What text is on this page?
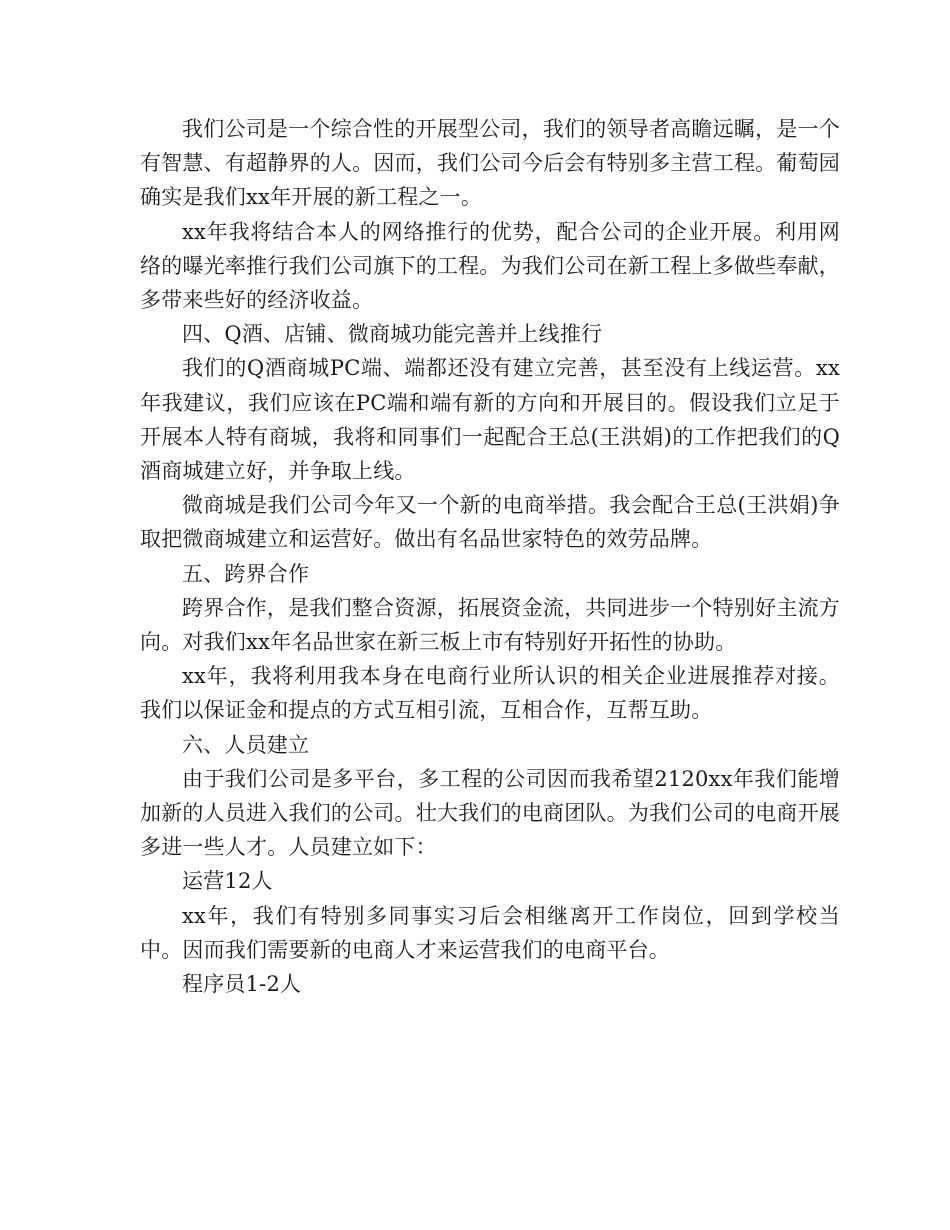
我们公司是一个综合性的开展型公司，我们的领导者高瞻远瞩，是一个有智慧、有超静界的人。因而，我们公司今后会有特别多主营工程。葡萄园确实是我们xx年开展的新工程之一。

xx年我将结合本人的网络推行的优势，配合公司的企业开展。利用网络的曝光率推行我们公司旗下的工程。为我们公司在新工程上多做些奉献，多带来些好的经济收益。

四、Q酒、店铺、微商城功能完善并上线推行

我们的Q酒商城PC端、端都还没有建立完善，甚至没有上线运营。xx年我建议，我们应该在PC端和端有新的方向和开展目的。假设我们立足于开展本人特有商城，我将和同事们一起配合王总(王洪娟)的工作把我们的Q酒商城建立好，并争取上线。

微商城是我们公司今年又一个新的电商举措。我会配合王总(王洪娟)争取把微商城建立和运营好。做出有名品世家特色的效劳品牌。

五、跨界合作

跨界合作，是我们整合资源，拓展资金流，共同进步一个特别好主流方向。对我们xx年名品世家在新三板上市有特别好开拓性的协助。

xx年，我将利用我本身在电商行业所认识的相关企业进展推荐对接。我们以保证金和提点的方式互相引流，互相合作，互帮互助。

六、人员建立

由于我们公司是多平台，多工程的公司因而我希望2120xx年我们能增加新的人员进入我们的公司。壮大我们的电商团队。为我们公司的电商开展多进一些人才。人员建立如下：

运营12人

xx年，我们有特别多同事实习后会相继离开工作岗位，回到学校当中。因而我们需要新的电商人才来运营我们的电商平台。

程序员1-2人
